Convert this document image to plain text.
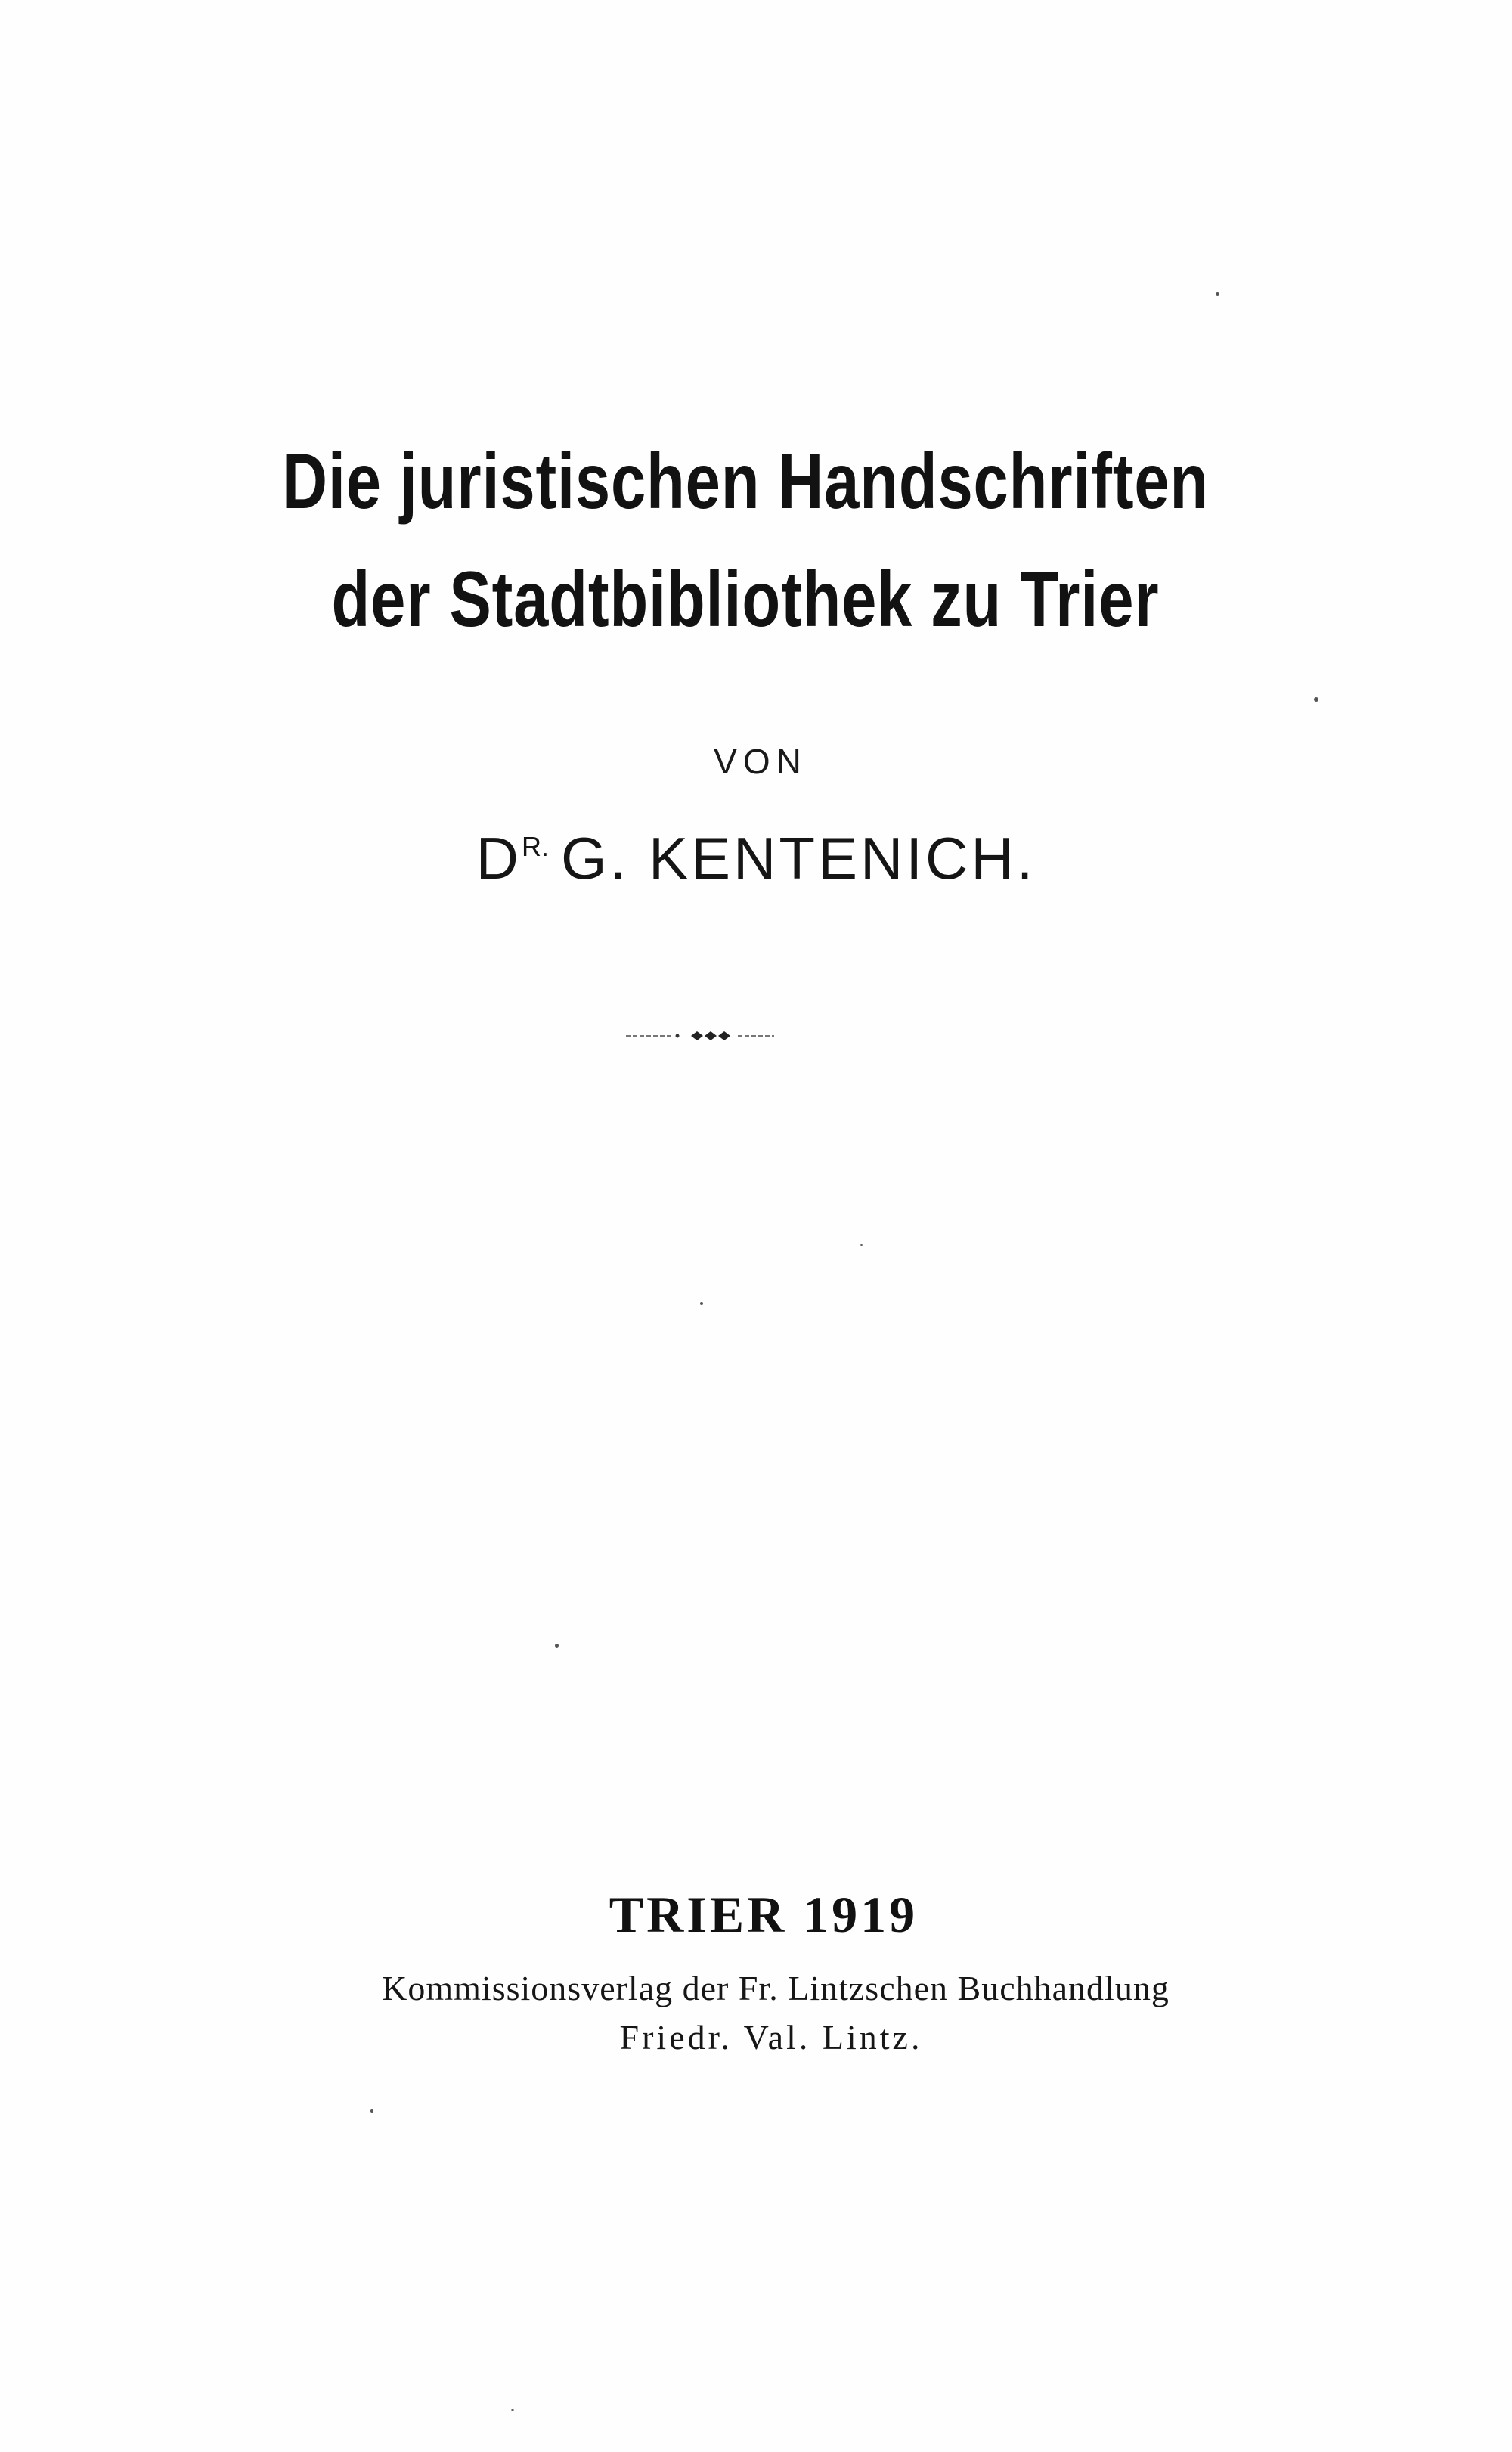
Die juristischen Handschriften
der Stadtbibliothek zu Trier
VON
$D^{R.}$ G. KENTENICH.
TRIER 1919
Kommissionsverlag der Fr. Lintzschen Buchhandlung
Friedr. Val. Lintz.
